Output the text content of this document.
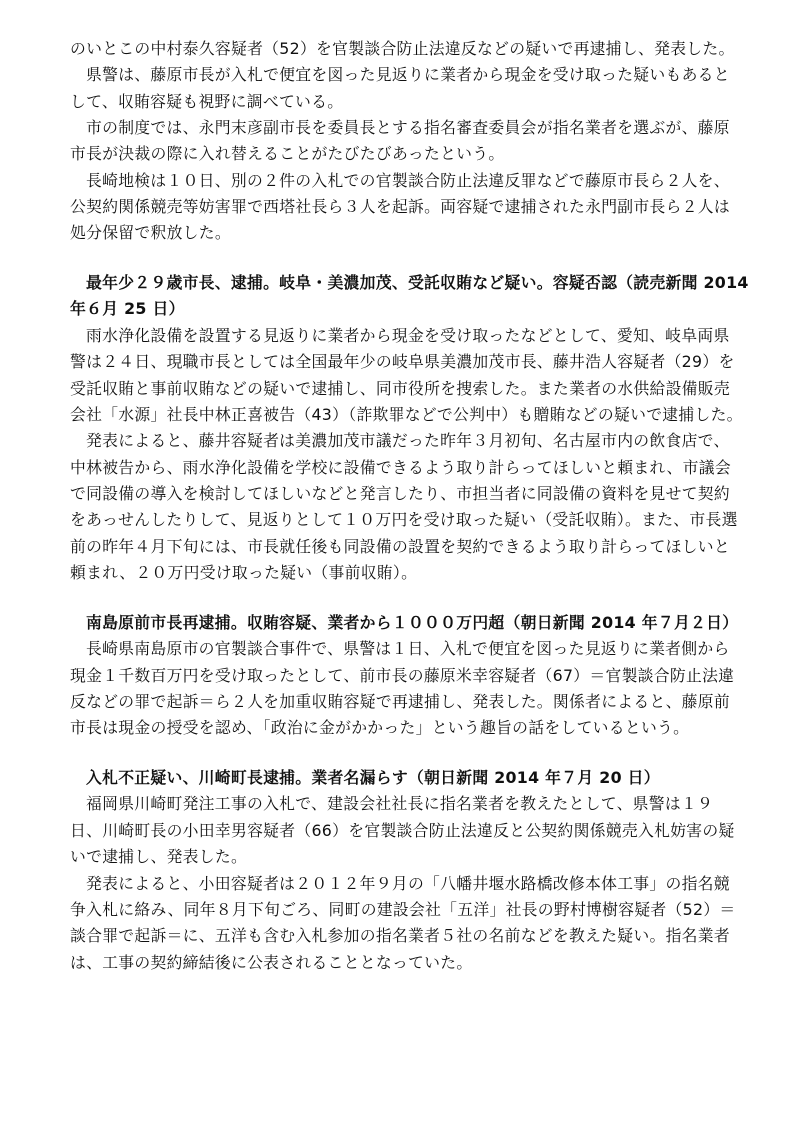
のいとこの中村泰久容疑者（52）を官製談合防止法違反などの疑いで再逮捕し、発表した。

県警は、藤原市長が入札で便宜を図った見返りに業者から現金を受け取った疑いもあると

して、収賄容疑も視野に調べている。

市の制度では、永門末彦副市長を委員長とする指名審査委員会が指名業者を選ぶが、藤原

市長が決裁の際に入れ替えることがたびたびあったという。

長崎地検は１０日、別の２件の入札での官製談合防止法違反罪などで藤原市長ら２人を、

公契約関係競売等妨害罪で西塔社長ら３人を起訴。両容疑で逮捕された永門副市長ら２人は

処分保留で釈放した。

最年少２９歳市長、逮捕。岐阜・美濃加茂、受託収賄など疑い。容疑否認（読売新聞 2014

年６月 25 日）

雨水浄化設備を設置する見返りに業者から現金を受け取ったなどとして、愛知、岐阜両県

警は２４日、現職市長としては全国最年少の岐阜県美濃加茂市長、藤井浩人容疑者（29）を

受託収賄と事前収賄などの疑いで逮捕し、同市役所を捜索した。また業者の水供給設備販売

会社「水源」社長中林正喜被告（43）（詐欺罪などで公判中）も贈賄などの疑いで逮捕した。

発表によると、藤井容疑者は美濃加茂市議だった昨年３月初旬、名古屋市内の飲食店で、

中林被告から、雨水浄化設備を学校に設備できるよう取り計らってほしいと頼まれ、市議会

で同設備の導入を検討してほしいなどと発言したり、市担当者に同設備の資料を見せて契約

をあっせんしたりして、見返りとして１０万円を受け取った疑い（受託収賄）。また、市長選

前の昨年４月下旬には、市長就任後も同設備の設置を契約できるよう取り計らってほしいと

頼まれ、２０万円受け取った疑い（事前収賄）。

南島原前市長再逮捕。収賄容疑、業者から１０００万円超（朝日新聞 2014 年７月２日）

長崎県南島原市の官製談合事件で、県警は１日、入札で便宜を図った見返りに業者側から

現金１千数百万円を受け取ったとして、前市長の藤原米幸容疑者（67）＝官製談合防止法違

反などの罪で起訴＝ら２人を加重収賄容疑で再逮捕し、発表した。関係者によると、藤原前

市長は現金の授受を認め、「政治に金がかかった」という趣旨の話をしているという。

入札不正疑い、川崎町長逮捕。業者名漏らす（朝日新聞 2014 年７月 20 日）

福岡県川崎町発注工事の入札で、建設会社社長に指名業者を教えたとして、県警は１９

日、川崎町長の小田幸男容疑者（66）を官製談合防止法違反と公契約関係競売入札妨害の疑

いで逮捕し、発表した。

発表によると、小田容疑者は２０１２年９月の「八幡井堰水路橋改修本体工事」の指名競

争入札に絡み、同年８月下旬ごろ、同町の建設会社「五洋」社長の野村博樹容疑者（52）＝

談合罪で起訴＝に、五洋も含む入札参加の指名業者５社の名前などを教えた疑い。指名業者

は、工事の契約締結後に公表されることとなっていた。
